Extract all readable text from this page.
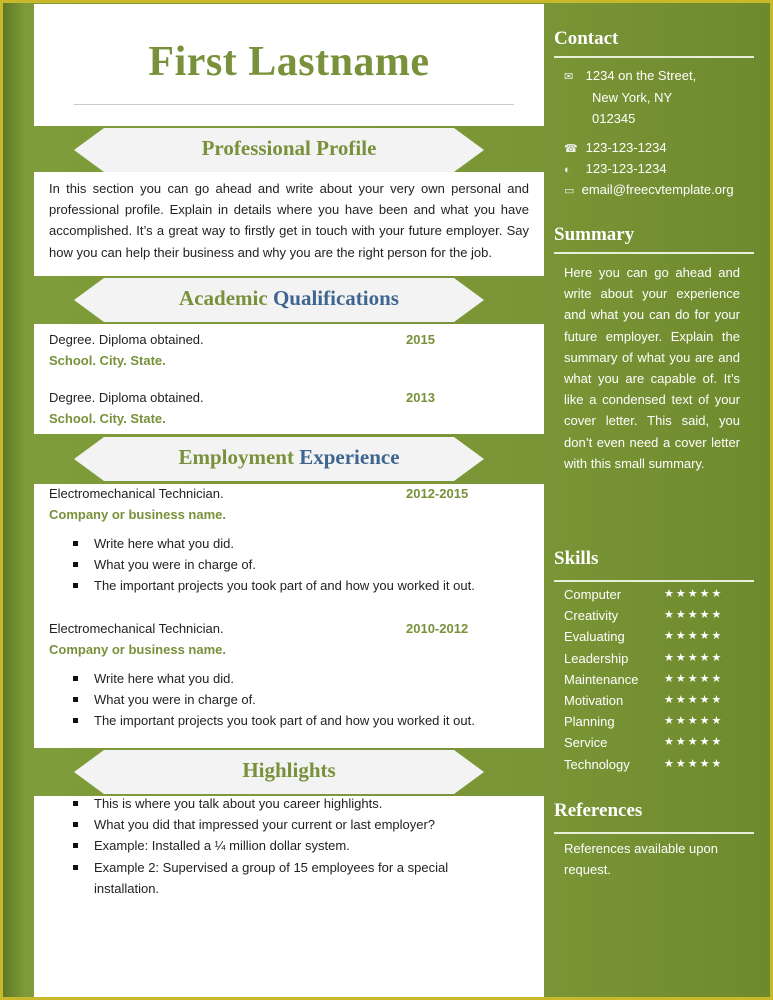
First Lastname
Professional Profile
In this section you can go ahead and write about your very own personal and professional profile. Explain in details where you have been and what you have accomplished. It’s a great way to firstly get in touch with your future employer. Say how you can help their business and why you are the right person for the job.
Academic Qualifications
Degree. Diploma obtained.	2015
School. City. State.
Degree. Diploma obtained.	2013
School. City. State.
Employment Experience
Electromechanical Technician.	2012-2015
Company or business name.
Write here what you did.
What you were in charge of.
The important projects you took part of and how you worked it out.
Electromechanical Technician.	2010-2012
Company or business name.
Write here what you did.
What you were in charge of.
The important projects you took part of and how you worked it out.
Highlights
This is where you talk about you career highlights.
What you did that impressed your current or last employer?
Example: Installed a ¼ million dollar system.
Example 2: Supervised a group of 15 employees for a special installation.
Contact
✉ 1234 on the Street,
New York, NY
012345
☎ 123-123-1234
◐ 123-123-1234
▭ email@freecvtemplate.org
Summary
Here you can go ahead and write about your experience and what you can do for your future employer. Explain the summary of what you are and what you are capable of. It’s like a condensed text of your cover letter. This said, you don’t even need a cover letter with this small summary.
Skills
Computer	★★★★★
Creativity	★★★★★
Evaluating	★★★★★
Leadership	★★★★★
Maintenance ★★★★★
Motivation	★★★★★
Planning	★★★★★
Service	★★★★★
Technology	★★★★★
References
References available upon request.
